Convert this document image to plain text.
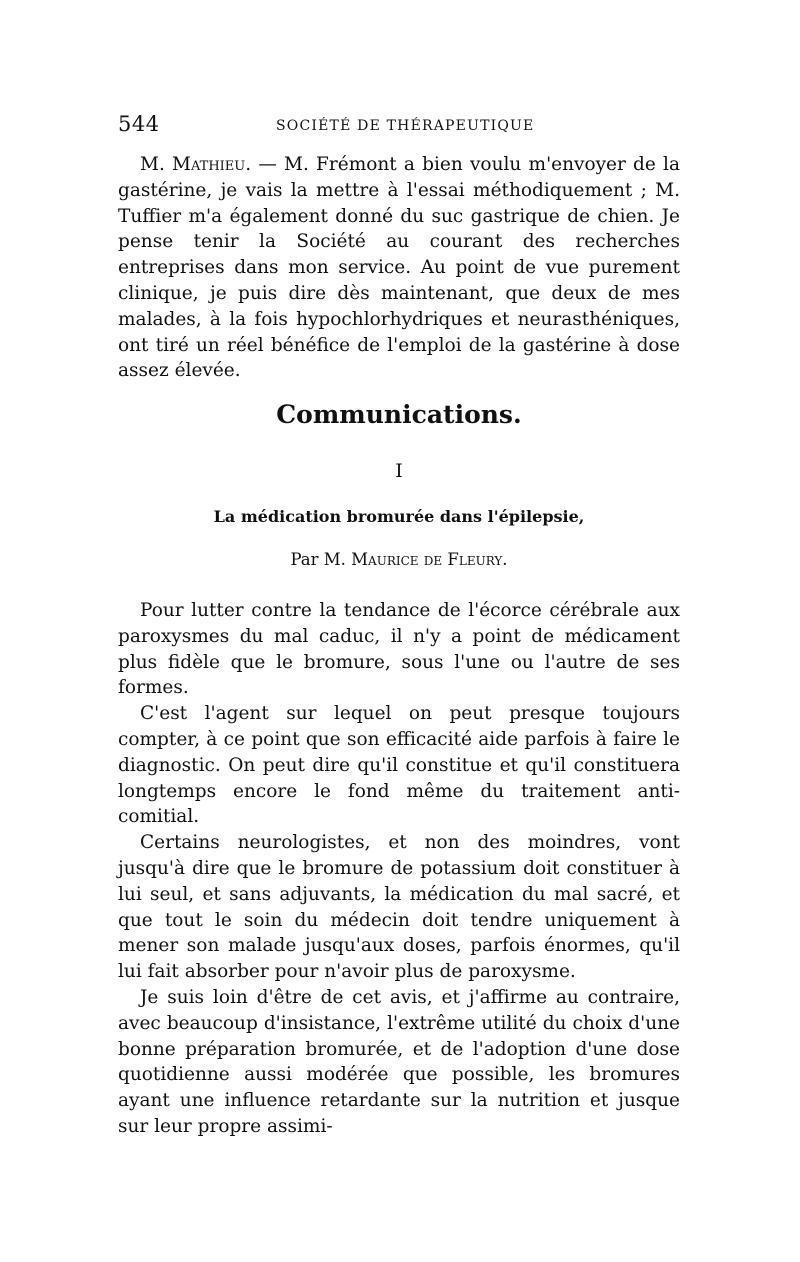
544	SOCIÉTÉ DE THÉRAPEUTIQUE

M. Mathieu. — M. Frémont a bien voulu m'envoyer de la gastérine, je vais la mettre à l'essai méthodiquement ; M. Tuffier m'a également donné du suc gastrique de chien. Je pense tenir la Société au courant des recherches entreprises dans mon service. Au point de vue purement clinique, je puis dire dès maintenant, que deux de mes malades, à la fois hypochlorhydriques et neurasthéniques, ont tiré un réel bénéfice de l'emploi de la gastérine à dose assez élevée.

Communications.
I
La médication bromurée dans l'épilepsie,
Par M. Maurice de Fleury.

Pour lutter contre la tendance de l'écorce cérébrale aux paroxysmes du mal caduc, il n'y a point de médicament plus fidèle que le bromure, sous l'une ou l'autre de ses formes.

C'est l'agent sur lequel on peut presque toujours compter, à ce point que son efficacité aide parfois à faire le diagnostic. On peut dire qu'il constitue et qu'il constituera longtemps encore le fond même du traitement anti-comitial.

Certains neurologistes, et non des moindres, vont jusqu'à dire que le bromure de potassium doit constituer à lui seul, et sans adjuvants, la médication du mal sacré, et que tout le soin du médecin doit tendre uniquement à mener son malade jusqu'aux doses, parfois énormes, qu'il lui fait absorber pour n'avoir plus de paroxysme.

Je suis loin d'être de cet avis, et j'affirme au contraire, avec beaucoup d'insistance, l'extrême utilité du choix d'une bonne préparation bromurée, et de l'adoption d'une dose quotidienne aussi modérée que possible, les bromures ayant une influence retardante sur la nutrition et jusque sur leur propre assimi-
